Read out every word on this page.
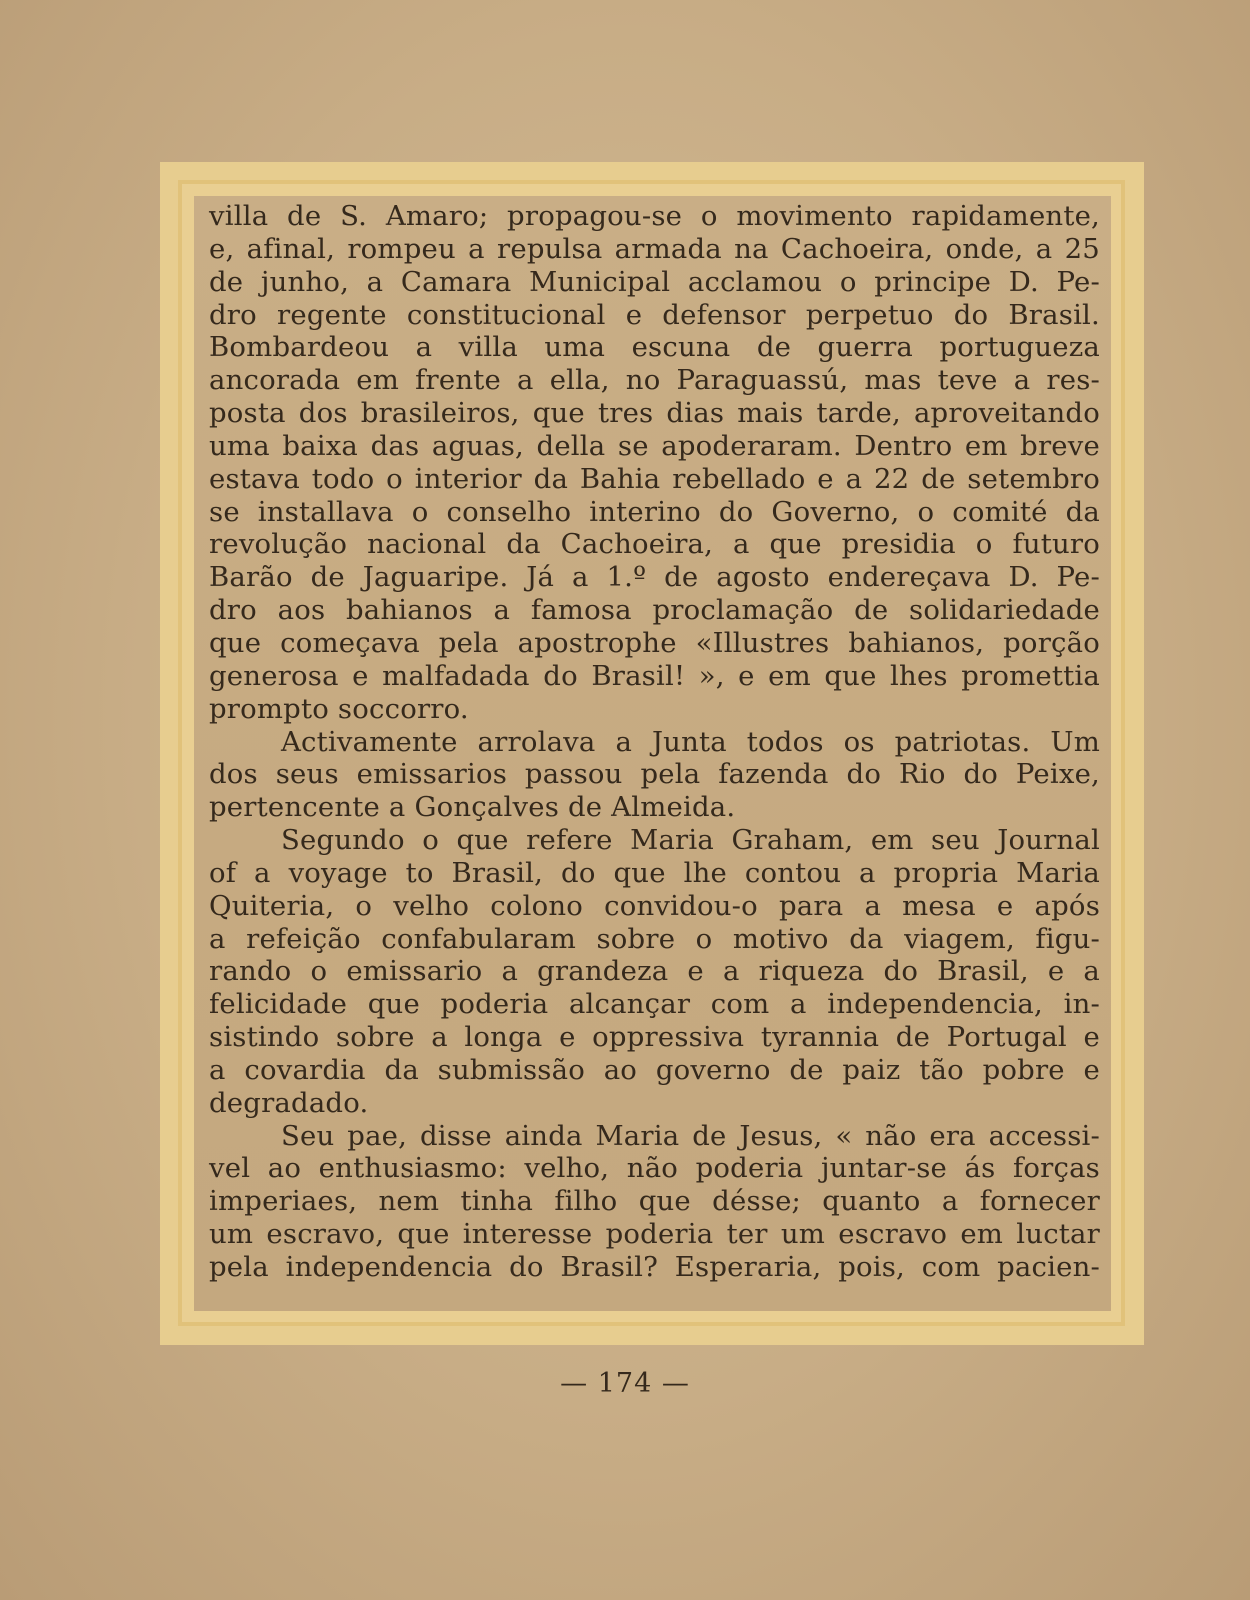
villa de S. Amaro; propagou-se o movimento rapidamente,
e, afinal, rompeu a repulsa armada na Cachoeira, onde, a 25
de junho, a Camara Municipal acclamou o principe D. Pe-
dro regente constitucional e defensor perpetuo do Brasil.
Bombardeou a villa uma escuna de guerra portugueza
ancorada em frente a ella, no Paraguassú, mas teve a res-
posta dos brasileiros, que tres dias mais tarde, aproveitando
uma baixa das aguas, della se apoderaram. Dentro em breve
estava todo o interior da Bahia rebellado e a 22 de setembro
se installava o conselho interino do Governo, o comité da
revolução nacional da Cachoeira, a que presidia o futuro
Barão de Jaguaripe. Já a 1.º de agosto endereçava D. Pe-
dro aos bahianos a famosa proclamação de solidariedade
que começava pela apostrophe «Illustres bahianos, porção
generosa e malfadada do Brasil! », e em que lhes promettia
prompto soccorro.
Activamente arrolava a Junta todos os patriotas. Um
dos seus emissarios passou pela fazenda do Rio do Peixe,
pertencente a Gonçalves de Almeida.
Segundo o que refere Maria Graham, em seu Journal
of a voyage to Brasil, do que lhe contou a propria Maria
Quiteria, o velho colono convidou-o para a mesa e após
a refeição confabularam sobre o motivo da viagem, figu-
rando o emissario a grandeza e a riqueza do Brasil, e a
felicidade que poderia alcançar com a independencia, in-
sistindo sobre a longa e oppressiva tyrannia de Portugal e
a covardia da submissão ao governo de paiz tão pobre e
degradado.
Seu pae, disse ainda Maria de Jesus, « não era accessi-
vel ao enthusiasmo: velho, não poderia juntar-se ás forças
imperiaes, nem tinha filho que désse; quanto a fornecer
um escravo, que interesse poderia ter um escravo em luctar
pela independencia do Brasil? Esperaria, pois, com pacien-
— 174 —
